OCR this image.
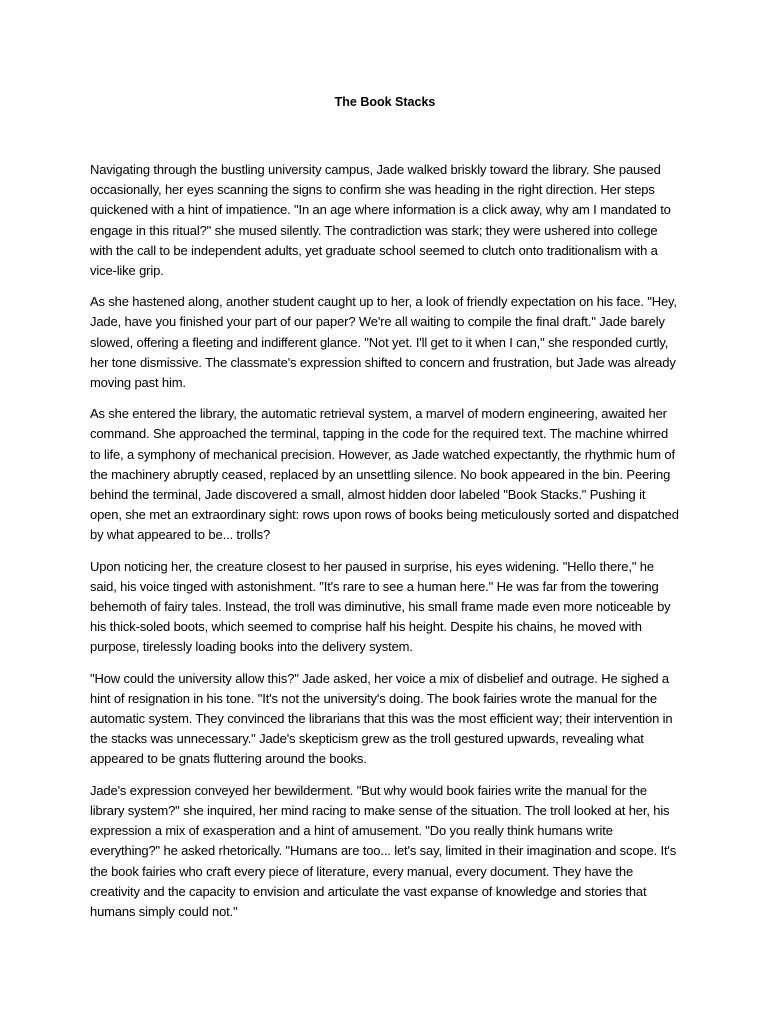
The Book Stacks

Navigating through the bustling university campus, Jade walked briskly toward the library. She paused occasionally, her eyes scanning the signs to confirm she was heading in the right direction. Her steps quickened with a hint of impatience. "In an age where information is a click away, why am I mandated to engage in this ritual?" she mused silently. The contradiction was stark; they were ushered into college with the call to be independent adults, yet graduate school seemed to clutch onto traditionalism with a vice-like grip.

As she hastened along, another student caught up to her, a look of friendly expectation on his face. "Hey, Jade, have you finished your part of our paper? We're all waiting to compile the final draft." Jade barely slowed, offering a fleeting and indifferent glance. "Not yet. I'll get to it when I can," she responded curtly, her tone dismissive. The classmate's expression shifted to concern and frustration, but Jade was already moving past him.

As she entered the library, the automatic retrieval system, a marvel of modern engineering, awaited her command. She approached the terminal, tapping in the code for the required text. The machine whirred to life, a symphony of mechanical precision. However, as Jade watched expectantly, the rhythmic hum of the machinery abruptly ceased, replaced by an unsettling silence. No book appeared in the bin. Peering behind the terminal, Jade discovered a small, almost hidden door labeled "Book Stacks." Pushing it open, she met an extraordinary sight: rows upon rows of books being meticulously sorted and dispatched by what appeared to be... trolls?

Upon noticing her, the creature closest to her paused in surprise, his eyes widening. "Hello there," he said, his voice tinged with astonishment. "It's rare to see a human here." He was far from the towering behemoth of fairy tales. Instead, the troll was diminutive, his small frame made even more noticeable by his thick-soled boots, which seemed to comprise half his height. Despite his chains, he moved with purpose, tirelessly loading books into the delivery system.

"How could the university allow this?" Jade asked, her voice a mix of disbelief and outrage. He sighed a hint of resignation in his tone. "It's not the university's doing. The book fairies wrote the manual for the automatic system. They convinced the librarians that this was the most efficient way; their intervention in the stacks was unnecessary." Jade's skepticism grew as the troll gestured upwards, revealing what appeared to be gnats fluttering around the books.

Jade's expression conveyed her bewilderment. "But why would book fairies write the manual for the library system?" she inquired, her mind racing to make sense of the situation. The troll looked at her, his expression a mix of exasperation and a hint of amusement. "Do you really think humans write everything?" he asked rhetorically. "Humans are too... let's say, limited in their imagination and scope. It's the book fairies who craft every piece of literature, every manual, every document. They have the creativity and the capacity to envision and articulate the vast expanse of knowledge and stories that humans simply could not."
